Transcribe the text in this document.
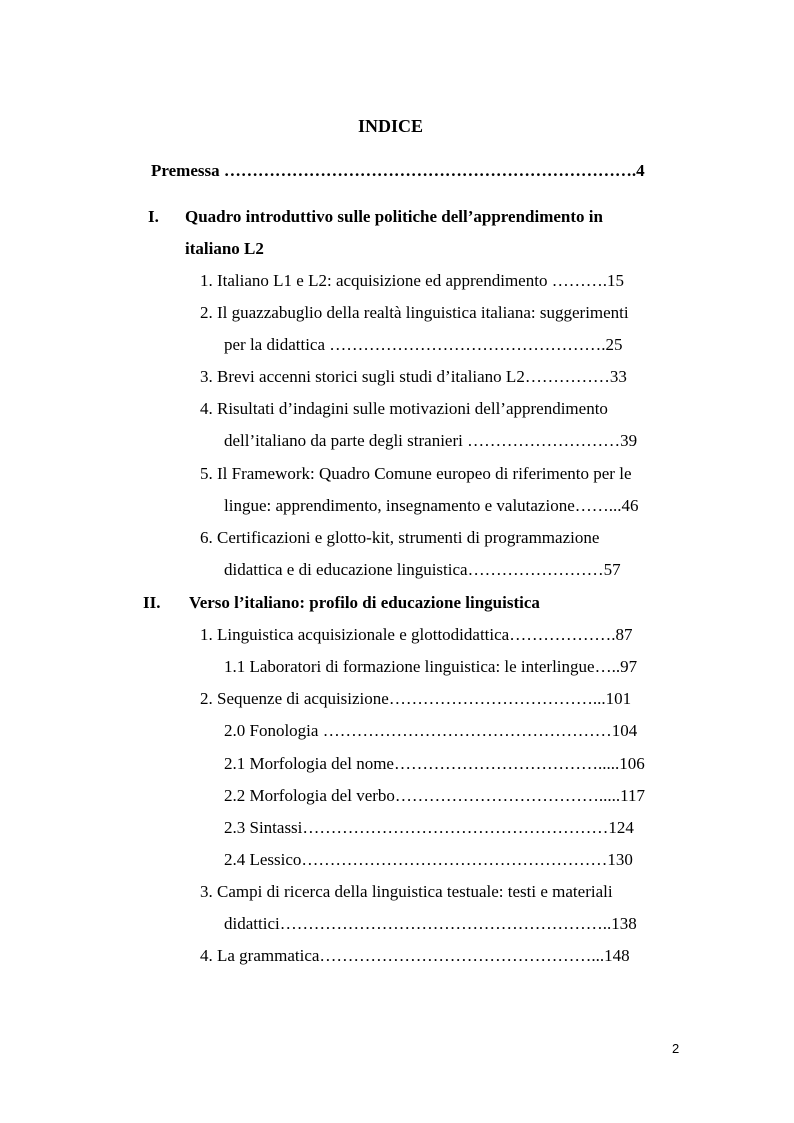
INDICE
Premessa ……………………………………………………………….4
I. Quadro introduttivo sulle politiche dell’apprendimento in
italiano L2
1. Italiano L1 e L2: acquisizione ed apprendimento ……….15
2. Il guazzabuglio della realtà linguistica italiana: suggerimenti
per la didattica ………………………………………….25
3. Brevi accenni storici sugli studi d’italiano L2……………33
4. Risultati d’indagini sulle motivazioni dell’apprendimento
dell’italiano da parte degli stranieri ………………………39
5. Il Framework: Quadro Comune europeo di riferimento per le
lingue: apprendimento, insegnamento e valutazione……...46
6. Certificazioni e glotto-kit, strumenti di programmazione
didattica e di educazione linguistica……………………57
II. Verso l’italiano: profilo di educazione linguistica
1. Linguistica acquisizionale e glottodidattica……………….87
1.1 Laboratori di formazione linguistica: le interlingue…..97
2. Sequenze di acquisizione………………………………...101
2.0 Fonologia ……………………………………………104
2.1 Morfologia del nome……………………………….....106
2.2 Morfologia del verbo……………………………….....117
2.3 Sintassi………………………………………………124
2.4 Lessico………………………………………………130
3. Campi di ricerca della linguistica testuale: testi e materiali
didattici…………………………………………………..138
4. La grammatica…………………………………………...148
2
